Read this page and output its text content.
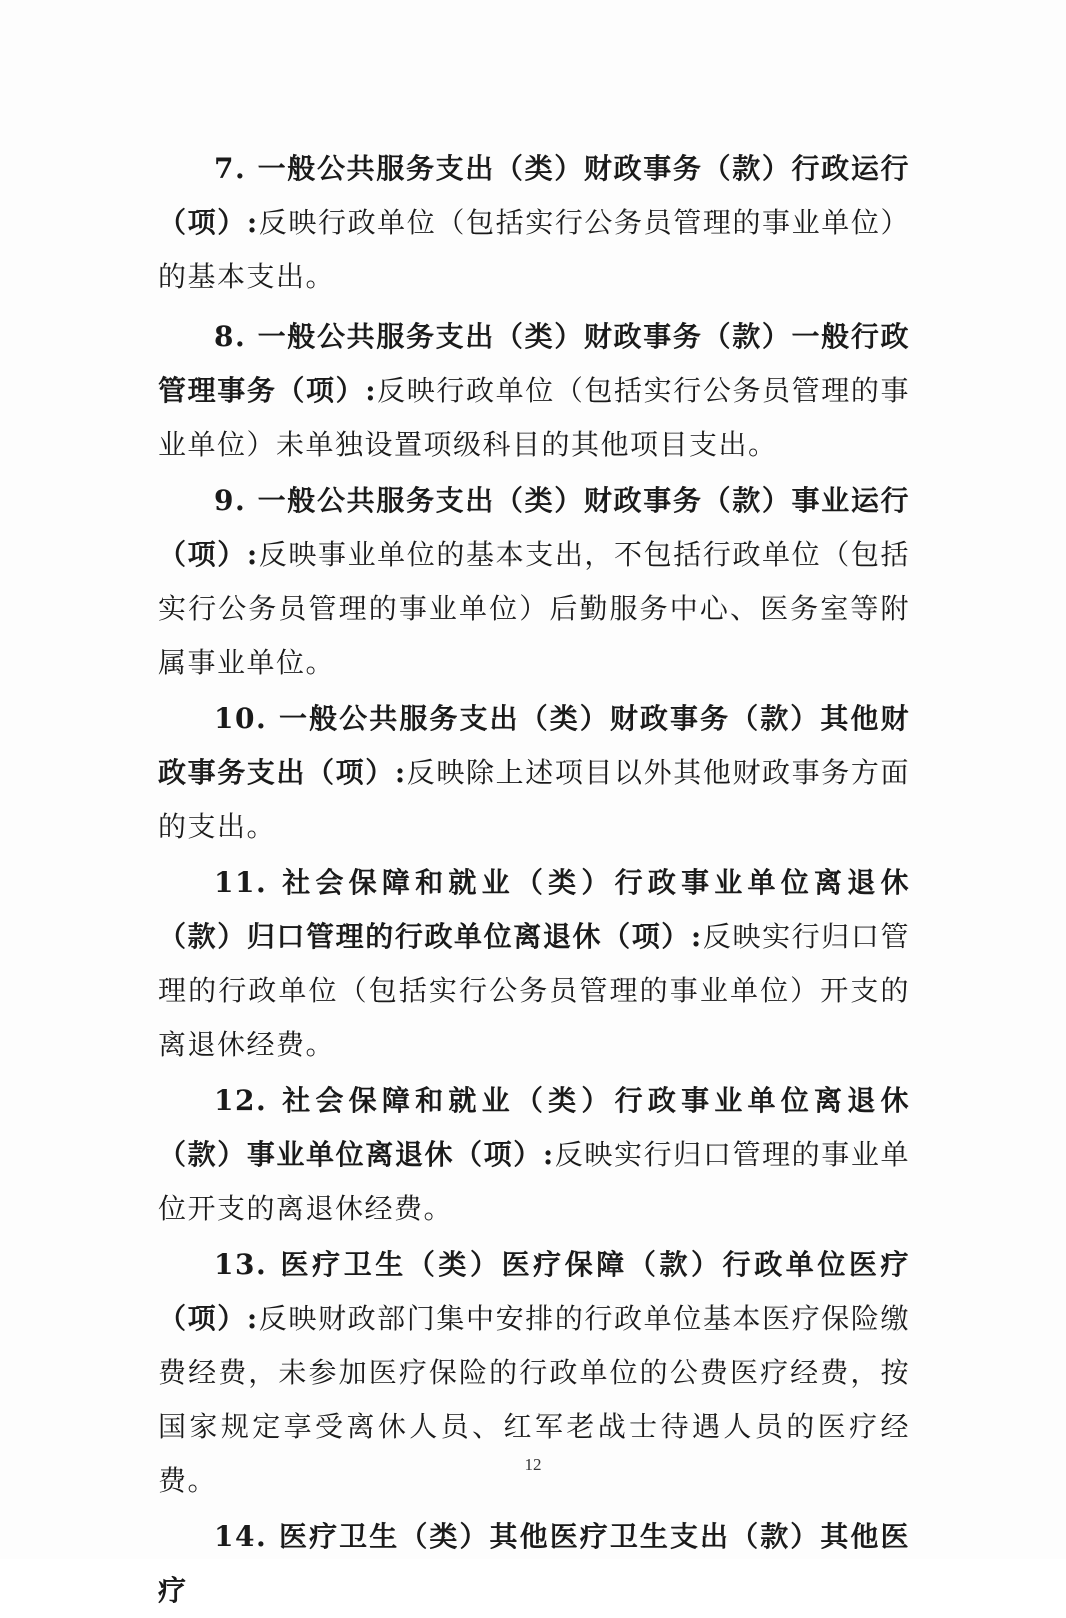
7. 一般公共服务支出（类）财政事务（款）行政运行（项）:反映行政单位（包括实行公务员管理的事业单位）的基本支出。

8. 一般公共服务支出（类）财政事务（款）一般行政管理事务（项）:反映行政单位（包括实行公务员管理的事业单位）未单独设置项级科目的其他项目支出。

9. 一般公共服务支出（类）财政事务（款）事业运行（项）:反映事业单位的基本支出，不包括行政单位（包括实行公务员管理的事业单位）后勤服务中心、医务室等附属事业单位。

10. 一般公共服务支出（类）财政事务（款）其他财政事务支出（项）:反映除上述项目以外其他财政事务方面的支出。

11. 社会保障和就业（类）行政事业单位离退休（款）归口管理的行政单位离退休（项）:反映实行归口管理的行政单位（包括实行公务员管理的事业单位）开支的离退休经费。

12. 社会保障和就业（类）行政事业单位离退休（款）事业单位离退休（项）:反映实行归口管理的事业单位开支的离退休经费。

13. 医疗卫生（类）医疗保障（款）行政单位医疗（项）:反映财政部门集中安排的行政单位基本医疗保险缴费经费，未参加医疗保险的行政单位的公费医疗经费，按国家规定享受离休人员、红军老战士待遇人员的医疗经费。

14. 医疗卫生（类）其他医疗卫生支出（款）其他医疗

12
